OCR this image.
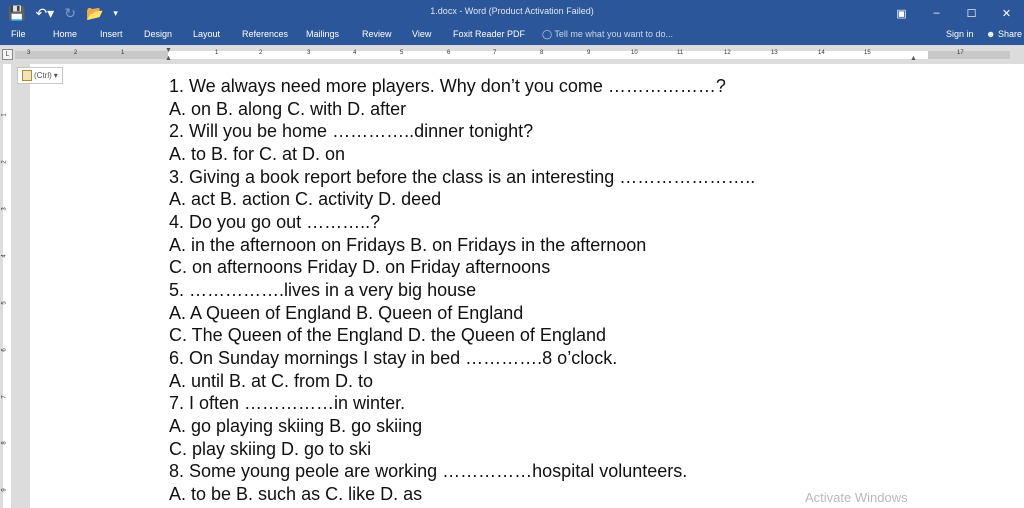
💾 ↶▾ ↻ 📂 ▾	1.docx - Word (Product Activation Failed)	▣	–	☐	✕
File	Home	Insert Design Layout References Mailings	Review View Foxit Reader PDF ◯ Tell me what you want to do...	Sign in ☻ Share
L	3	2	1	1	2	3	4	5	6	7	8	9	10	11	12	13	14	15	17
▼
▲	▲
1
2
3
4
5
6
7
8
9
(Ctrl) ▾
1. We always need more players. Why don’t you come ………………?
A. on B. along C. with D. after
2. Will you be home …………..dinner tonight?
A. to B. for C. at D. on
3. Giving a book report before the class is an interesting …………………..
A. act B. action C. activity D. deed
4. Do you go out ………..?
A. in the afternoon on Fridays B. on Fridays in the afternoon
C. on afternoons Friday D. on Friday afternoons
5. …………….lives in a very big house
A. A Queen of England B. Queen of England
C. The Queen of the England D. the Queen of England
6. On Sunday mornings I stay in bed ………….8 o’clock.
A. until B. at C. from D. to
7. I often ……………in winter.
A. go playing skiing B. go skiing
C. play skiing D. go to ski
8. Some young peole are working ……………hospital volunteers.
A. to be B. such as C. like D. as	Activate Windows
